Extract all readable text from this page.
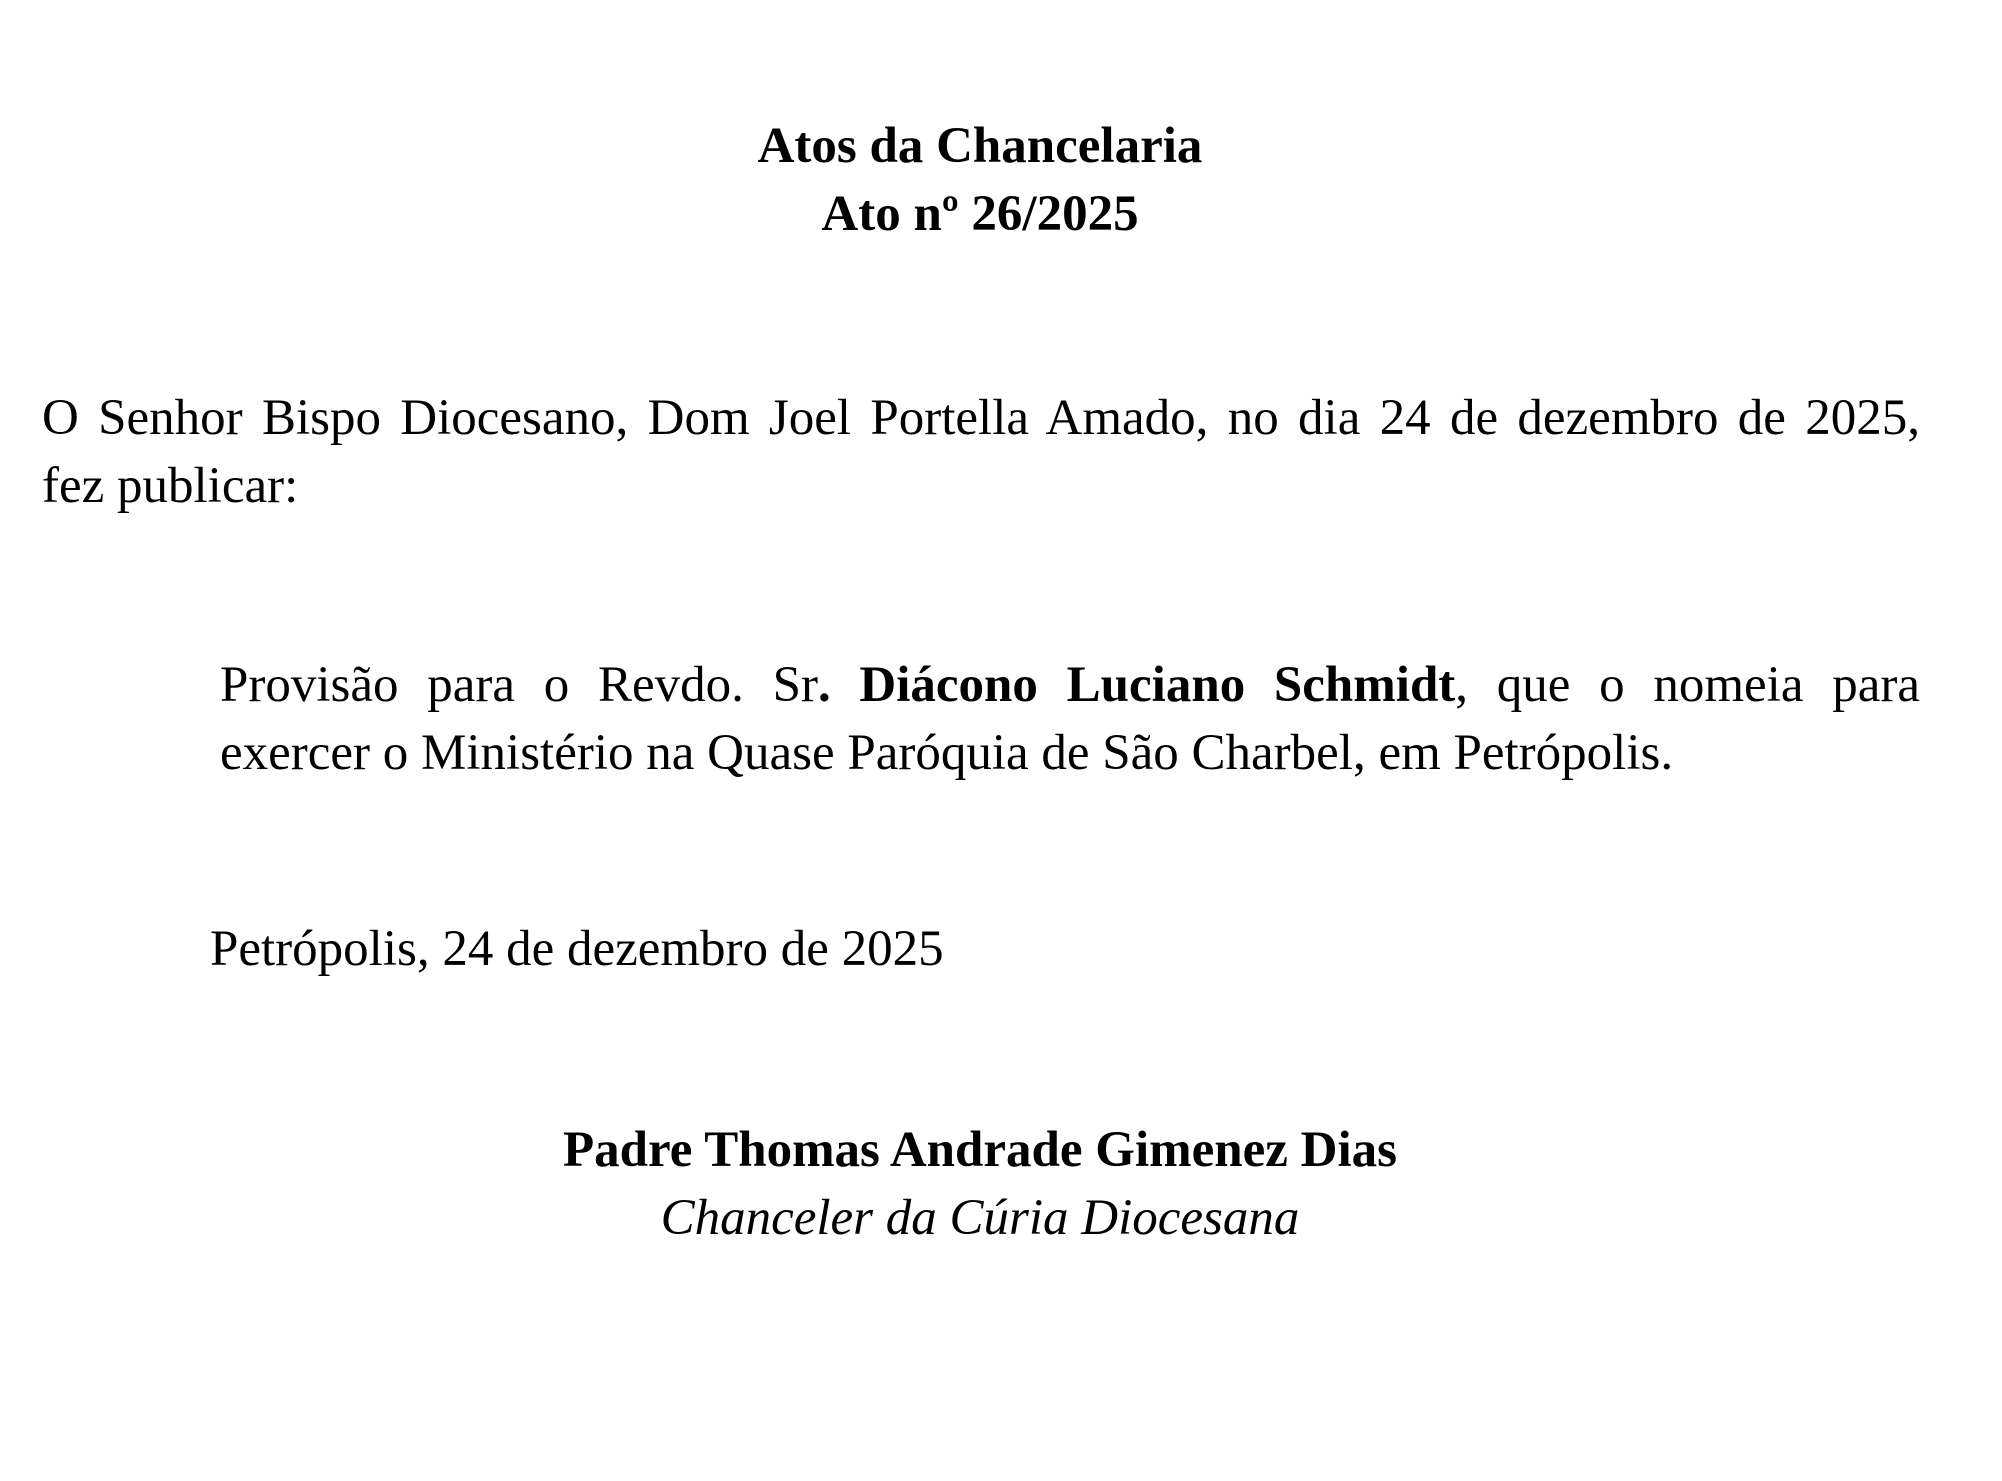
Atos da Chancelaria
Ato nº 26/2025
O Senhor Bispo Diocesano, Dom Joel Portella Amado, no dia 24 de dezembro de 2025,
fez publicar:
Provisão para o Revdo. Sr. Diácono Luciano Schmidt, que o nomeia para
exercer o Ministério na Quase Paróquia de São Charbel, em Petrópolis.
Petrópolis, 24 de dezembro de 2025
Padre Thomas Andrade Gimenez Dias
Chanceler da Cúria Diocesana
